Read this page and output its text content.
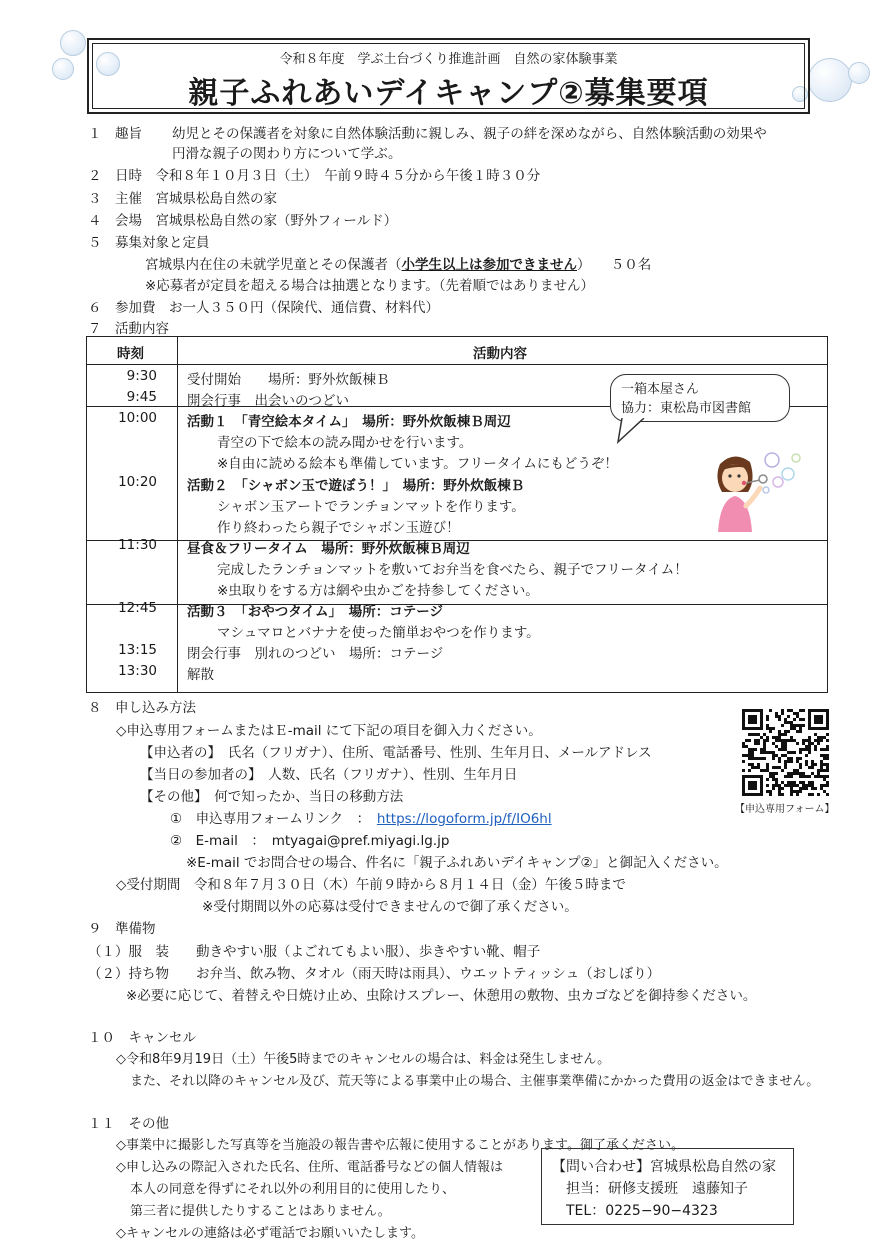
令和８年度　学ぶ土台づくり推進計画　自然の家体験事業
親子ふれあいデイキャンプ②募集要項
１　趣旨 幼児とその保護者を対象に自然体験活動に親しみ、親子の絆を深めながら、自然体験活動の効果や
円滑な親子の関わり方について学ぶ。
２　日時　令和８年１０月３日（土）　午前９時４５分から午後１時３０分
３　主催　宮城県松島自然の家
４　会場　宮城県松島自然の家（野外フィールド）
５　募集対象と定員
宮城県内在住の未就学児童とその保護者（小学生以上は参加できません）　　５０名
※応募者が定員を超える場合は抽選となります。（先着順ではありません）
６　参加費　お一人３５０円（保険代、通信費、材料代）
７　活動内容
時刻	活動内容
9:30 受付開始　　場所：野外炊飯棟Ｂ
9:45 開会行事　出会いのつどい
10:00 活動１　「青空絵本タイム」　場所：野外炊飯棟Ｂ周辺
青空の下で絵本の読み聞かせを行います。
※自由に読める絵本も準備しています。フリータイムにもどうぞ！
10:20 活動２　「シャボン玉で遊ぼう！」　場所：野外炊飯棟Ｂ
シャボン玉アートでランチョンマットを作ります。
作り終わったら親子でシャボン玉遊び！
11:30 昼食＆フリータイム　場所：野外炊飯棟Ｂ周辺
完成したランチョンマットを敷いてお弁当を食べたら、親子でフリータイム！
※虫取りをする方は網や虫かごを持参してください。
12:45 活動３　「おやつタイム」　場所：コテージ
マシュマロとバナナを使った簡単おやつを作ります。
13:15 閉会行事　別れのつどい　場所：コテージ
13:30 解散
一箱本屋さん
協力：東松島市図書館
８　申し込み方法
◇申込専用フォームまたはＥ-mail にて下記の項目を御入力ください。
【申込者の】　 氏名（フリガナ）、住所、電話番号、性別、生年月日、メールアドレス
【当日の参加者の】　 人数、氏名（フリガナ）、性別、生年月日
【その他】　 何で知ったか、当日の移動方法
①　申込専用フォームリンク　：　 https://logoform.jp/f/IO6hl
②　E-mail　：　 mtyagai@pref.miyagi.lg.jp
※E-mail でお問合せの場合、件名に「親子ふれあいデイキャンプ②」と御記入ください。
◇受付期間　令和８年７月３０日（木）午前９時から８月１４日（金）午後５時まで
※受付期間以外の応募は受付できませんので御了承ください。
【申込専用フォーム】
９　準備物
（１）服　装　　 動きやすい服（よごれてもよい服）、歩きやすい靴、帽子
（２）持ち物　　 お弁当、飲み物、タオル（雨天時は雨具）、ウエットティッシュ（おしぼり）
※必要に応じて、着替えや日焼け止め、虫除けスプレー、休憩用の敷物、虫カゴなどを御持参ください。
１０　キャンセル
◇令和8年9月19日（土）午後5時までのキャンセルの場合は、料金は発生しません。
また、それ以降のキャンセル及び、荒天等による事業中止の場合、主催事業準備にかかった費用の返金はできません。
１１　その他
◇事業中に撮影した写真等を当施設の報告書や広報に使用することがあります。御了承ください。
◇申し込みの際記入された氏名、住所、電話番号などの個人情報は
本人の同意を得ずにそれ以外の利用目的に使用したり、
第三者に提供したりすることはありません。
◇キャンセルの連絡は必ず電話でお願いいたします。
【問い合わせ】宮城県松島自然の家
担当：研修支援班　遠藤知子
TEL：0225−90−4323
